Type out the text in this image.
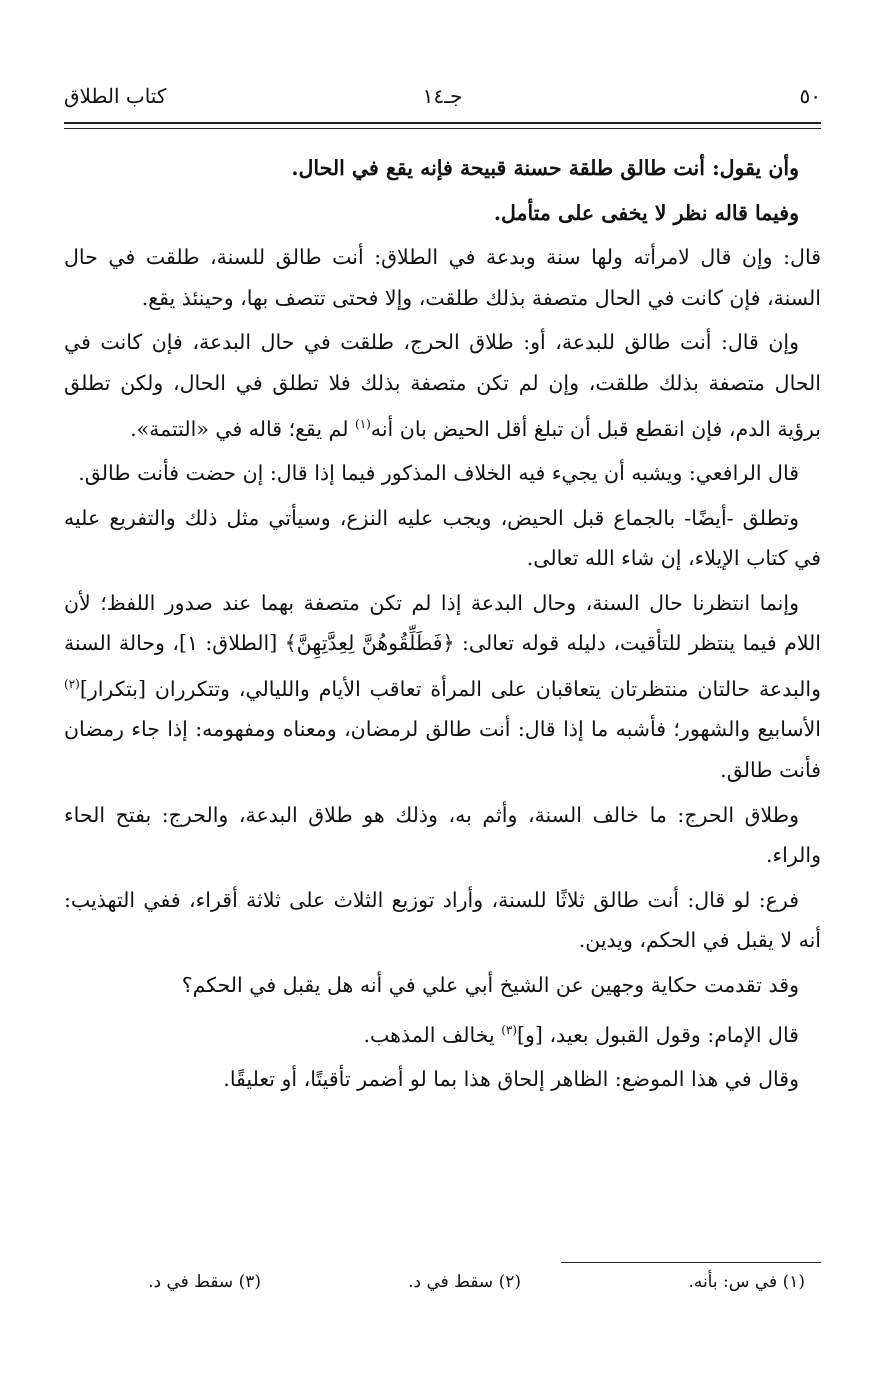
٥٠
جـ١٤
كتاب الطلاق

وأن يقول: أنت طالق طلقة حسنة قبيحة فإنه يقع في الحال.

وفيما قاله نظر لا يخفى على متأمل.

قال: وإن قال لامرأته ولها سنة وبدعة في الطلاق: أنت طالق للسنة، طلقت في حال السنة، فإن كانت في الحال متصفة بذلك طلقت، وإلا فحتى تتصف بها، وحينئذ يقع.

وإن قال: أنت طالق للبدعة، أو: طلاق الحرج، طلقت في حال البدعة، فإن كانت في الحال متصفة بذلك طلقت، وإن لم تكن متصفة بذلك فلا تطلق في الحال، ولكن تطلق برؤية الدم، فإن انقطع قبل أن تبلغ أقل الحيض بان أنه$^{(١)}$ لم يقع؛ قاله في «التتمة».

قال الرافعي: ويشبه أن يجيء فيه الخلاف المذكور فيما إذا قال: إن حضت فأنت طالق.

وتطلق -أيضًا- بالجماع قبل الحيض، ويجب عليه النزع، وسيأتي مثل ذلك والتفريع عليه في كتاب الإيلاء، إن شاء الله تعالى.

وإنما انتظرنا حال السنة، وحال البدعة إذا لم تكن متصفة بهما عند صدور اللفظ؛ لأن اللام فيما ينتظر للتأقيت، دليله قوله تعالى: ﴿فَطَلِّقُوهُنَّ لِعِدَّتِهِنَّ﴾ [الطلاق: ١]، وحالة السنة والبدعة حالتان منتظرتان يتعاقبان على المرأة تعاقب الأيام والليالي، وتتكرران [بتكرار]$^{(٢)}$ الأسابيع والشهور؛ فأشبه ما إذا قال: أنت طالق لرمضان، ومعناه ومفهومه: إذا جاء رمضان فأنت طالق.

وطلاق الحرج: ما خالف السنة، وأثم به، وذلك هو طلاق البدعة، والحرج: بفتح الحاء والراء.

فرع: لو قال: أنت طالق ثلاثًا للسنة، وأراد توزيع الثلاث على ثلاثة أقراء، ففي التهذيب: أنه لا يقبل في الحكم، ويدين.

وقد تقدمت حكاية وجهين عن الشيخ أبي علي في أنه هل يقبل في الحكم؟

قال الإمام: وقول القبول بعيد، [و]$^{(٣)}$ يخالف المذهب.

وقال في هذا الموضع: الظاهر إلحاق هذا بما لو أضمر تأقيتًا، أو تعليقًا.

(١) في س: بأنه.
(٢) سقط في د.
(٣) سقط في د.
